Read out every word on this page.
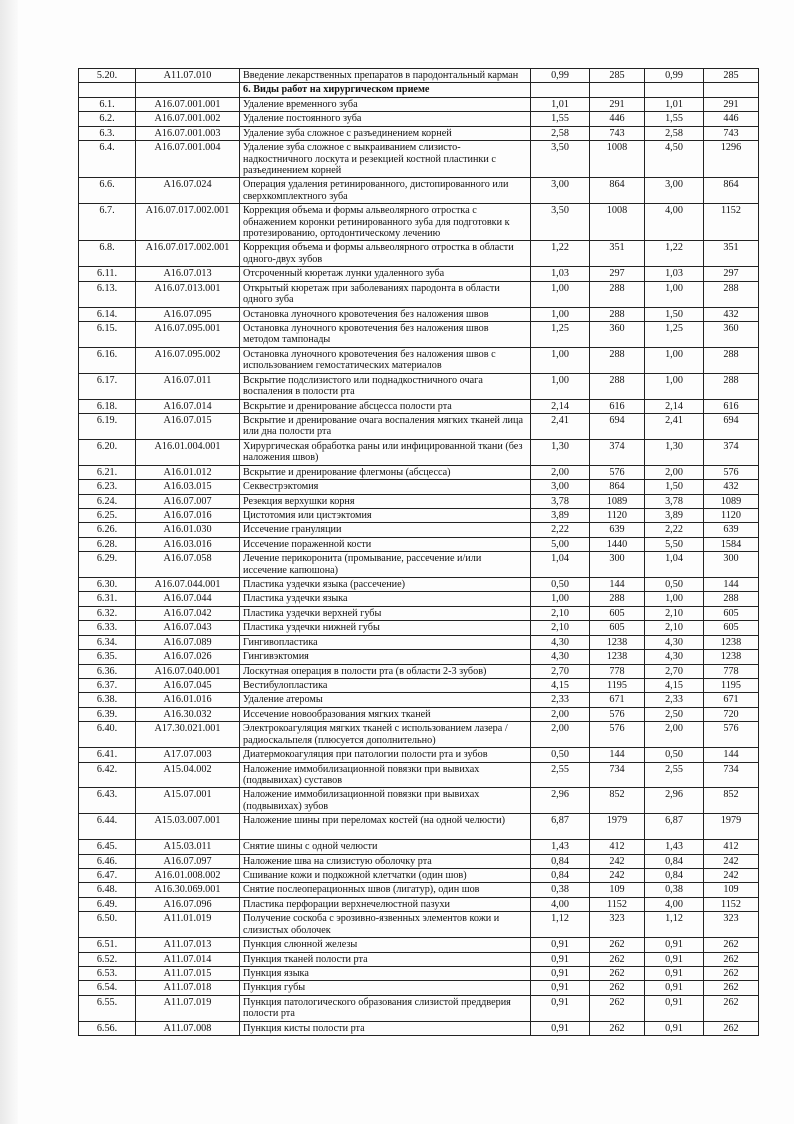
5.20.	A11.07.010	Введение лекарственных препаратов в пародонтальный карман	0,99	285	0,99	285
		6. Виды работ на хирургическом приеме				
6.1.	A16.07.001.001	Удаление временного зуба	1,01	291	1,01	291
6.2.	A16.07.001.002	Удаление постоянного зуба	1,55	446	1,55	446
6.3.	A16.07.001.003	Удаление зуба сложное с разъединением корней	2,58	743	2,58	743
6.4.	A16.07.001.004	Удаление зуба сложное с выкраиванием слизисто-надкостничного лоскута и резекцией костной пластинки с разъединением корней	3,50	1008	4,50	1296
6.6.	A16.07.024	Операция удаления ретинированного, дистопированного или сверхкомплектного зуба	3,00	864	3,00	864
6.7.	A16.07.017.002.001	Коррекция объема и формы альвеолярного отростка с обнажением коронки ретинированного зуба для подготовки к протезированию, ортодонтическому лечению	3,50	1008	4,00	1152
6.8.	A16.07.017.002.001	Коррекция объема и формы альвеолярного отростка в области одного-двух зубов	1,22	351	1,22	351
6.11.	A16.07.013	Отсроченный кюретаж лунки удаленного зуба	1,03	297	1,03	297
6.13.	A16.07.013.001	Открытый кюретаж при заболеваниях пародонта в области одного зуба	1,00	288	1,00	288
6.14.	A16.07.095	Остановка луночного кровотечения без наложения швов	1,00	288	1,50	432
6.15.	A16.07.095.001	Остановка луночного кровотечения без наложения швов методом тампонады	1,25	360	1,25	360
6.16.	A16.07.095.002	Остановка луночного кровотечения без наложения швов с использованием гемостатических материалов	1,00	288	1,00	288
6.17.	A16.07.011	Вскрытие подслизистого или поднадкостничного очага воспаления в полости рта	1,00	288	1,00	288
6.18.	A16.07.014	Вскрытие и дренирование абсцесса полости рта	2,14	616	2,14	616
6.19.	A16.07.015	Вскрытие и дренирование очага воспаления мягких тканей лица или дна полости рта	2,41	694	2,41	694
6.20.	A16.01.004.001	Хирургическая обработка раны или инфицированной ткани (без наложения швов)	1,30	374	1,30	374
6.21.	A16.01.012	Вскрытие и дренирование флегмоны (абсцесса)	2,00	576	2,00	576
6.23.	A16.03.015	Секвестрэктомия	3,00	864	1,50	432
6.24.	A16.07.007	Резекция верхушки корня	3,78	1089	3,78	1089
6.25.	A16.07.016	Цистотомия или цистэктомия	3,89	1120	3,89	1120
6.26.	A16.01.030	Иссечение грануляции	2,22	639	2,22	639
6.28.	A16.03.016	Иссечение пораженной кости	5,00	1440	5,50	1584
6.29.	A16.07.058	Лечение перикоронита (промывание, рассечение и/или иссечение капюшона)	1,04	300	1,04	300
6.30.	A16.07.044.001	Пластика уздечки языка (рассечение)	0,50	144	0,50	144
6.31.	A16.07.044	Пластика уздечки языка	1,00	288	1,00	288
6.32.	A16.07.042	Пластика уздечки верхней губы	2,10	605	2,10	605
6.33.	A16.07.043	Пластика уздечки нижней губы	2,10	605	2,10	605
6.34.	A16.07.089	Гингивопластика	4,30	1238	4,30	1238
6.35.	A16.07.026	Гингивэктомия	4,30	1238	4,30	1238
6.36.	A16.07.040.001	Лоскутная операция в полости рта (в области 2-3 зубов)	2,70	778	2,70	778
6.37.	A16.07.045	Вестибулопластика	4,15	1195	4,15	1195
6.38.	A16.01.016	Удаление атеромы	2,33	671	2,33	671
6.39.	A16.30.032	Иссечение новообразования мягких тканей	2,00	576	2,50	720
6.40.	A17.30.021.001	Электрокоагуляция мягких тканей с использованием лазера / радиоскальпеля (плюсуется дополнительно)	2,00	576	2,00	576
6.41.	A17.07.003	Диатермокоагуляция при патологии полости рта и зубов	0,50	144	0,50	144
6.42.	A15.04.002	Наложение иммобилизационной повязки при вывихах (подвывихах) суставов	2,55	734	2,55	734
6.43.	A15.07.001	Наложение иммобилизационной повязки при вывихах (подвывихах) зубов	2,96	852	2,96	852
6.44.	A15.03.007.001	Наложение шины при переломах костей (на одной челюсти)	6,87	1979	6,87	1979
6.45.	A15.03.011	Снятие шины с одной челюсти	1,43	412	1,43	412
6.46.	A16.07.097	Наложение шва на слизистую оболочку рта	0,84	242	0,84	242
6.47.	A16.01.008.002	Сшивание кожи и подкожной клетчатки (один шов)	0,84	242	0,84	242
6.48.	A16.30.069.001	Снятие послеоперационных швов (лигатур), один шов	0,38	109	0,38	109
6.49.	A16.07.096	Пластика перфорации верхнечелюстной пазухи	4,00	1152	4,00	1152
6.50.	A11.01.019	Получение соскоба с эрозивно-язвенных элементов кожи и слизистых оболочек	1,12	323	1,12	323
6.51.	A11.07.013	Пункция слюнной железы	0,91	262	0,91	262
6.52.	A11.07.014	Пункция тканей полости рта	0,91	262	0,91	262
6.53.	A11.07.015	Пункция языка	0,91	262	0,91	262
6.54.	A11.07.018	Пункция губы	0,91	262	0,91	262
6.55.	A11.07.019	Пункция патологического образования слизистой преддверия полости рта	0,91	262	0,91	262
6.56.	A11.07.008	Пункция кисты полости рта	0,91	262	0,91	262
